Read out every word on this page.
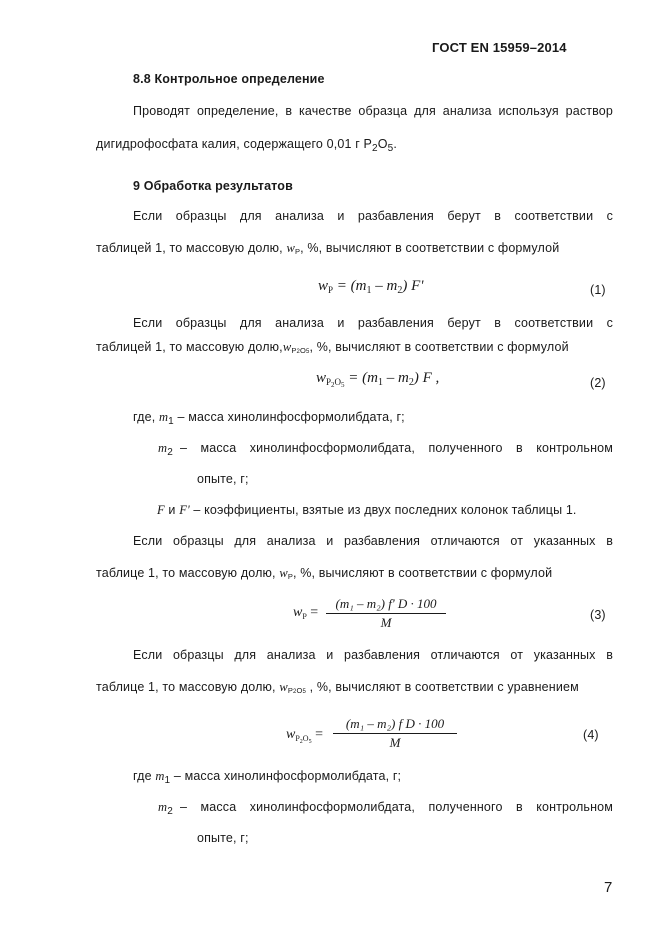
ГОСТ EN 15959–2014
8.8 Контрольное определение
Проводят определение, в качестве образца для анализа используя раствор
дигидрофосфата калия, содержащего 0,01 г $P_2O_5$.
9 Обработка результатов
Если образцы для анализа и разбавления берут в соответствии с
таблицей 1, то массовую долю, wP, %, вычисляют в соответствии с формулой
$w_P = (m_1 - m_2)$ F'	(1)
Если образцы для анализа и разбавления берут в соответствии с
таблицей 1, то массовую долю,wP2O5, %, вычисляют в соответствии с формулой
$w_{P2O5} = (m_1 - m_2)$ F ,	(2)
где, $m_1$ – масса хинолинфосформолибдата, г;
$m_2$ – масса хинолинфосформолибдата, полученного в контрольном
опыте, г;
F и F' – коэффициенты, взятые из двух последних колонок таблицы 1.
Если образцы для анализа и разбавления отличаются от указанных в
таблице 1, то массовую долю, wP, %, вычисляют в соответствии с формулой
$w_P = \frac{\text{(m₁ – m₂) f' D · 100}}{M}$	(3)
Если образцы для анализа и разбавления отличаются от указанных в
таблице 1, то массовую долю, wP2O5 , %, вычисляют в соответствии с уравнением
$w_{P2O5} = \frac{\text{(m₁ – m₂) f D · 100}}{M}$	(4)
где $m_1$ – масса хинолинфосформолибдата, г;
$m_2$ – масса хинолинфосформолибдата, полученного в контрольном
опыте, г;
7
